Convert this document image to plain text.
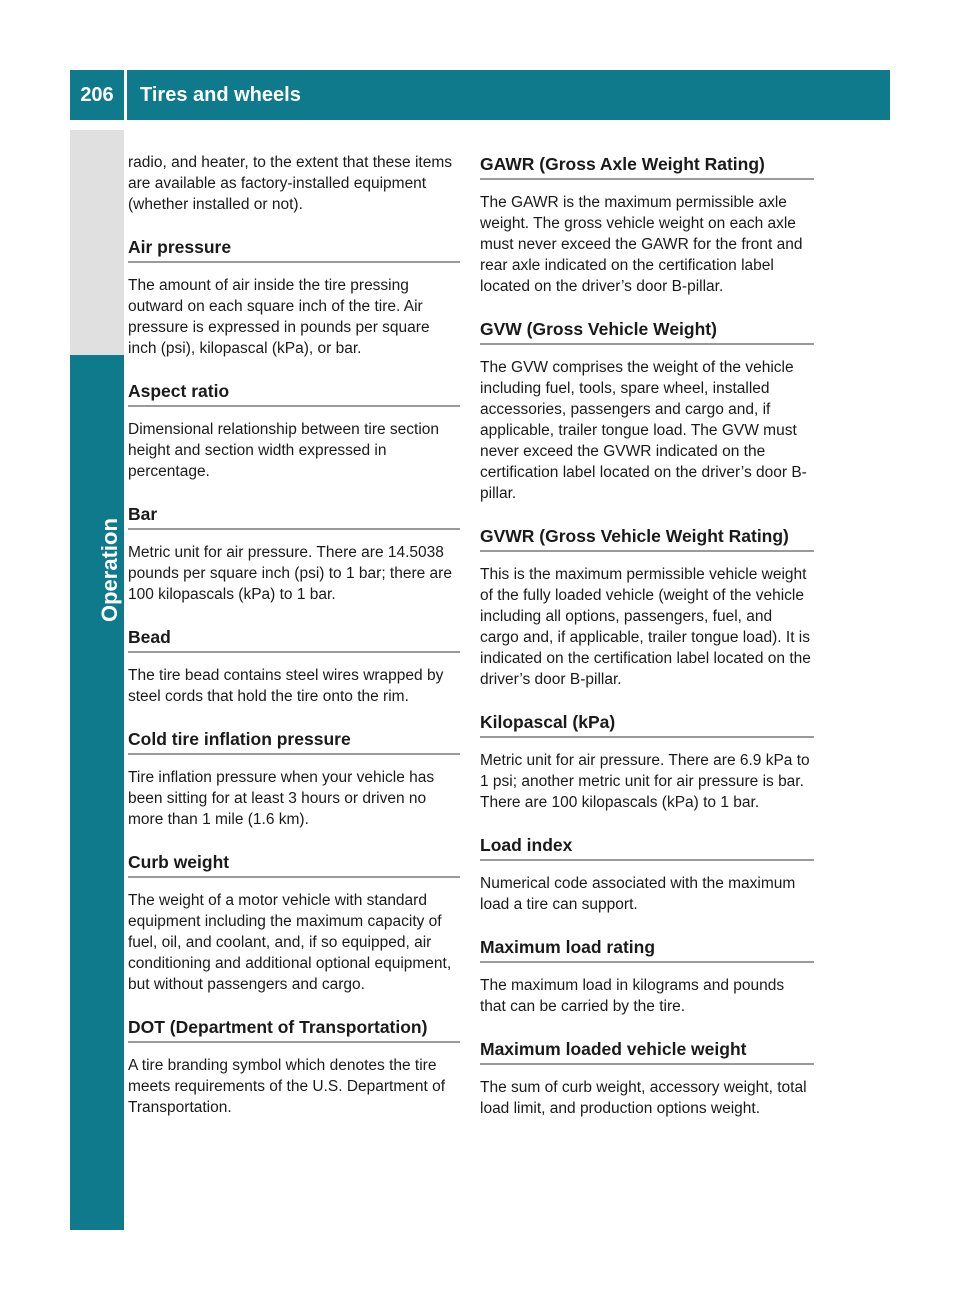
206	Tires and wheels
Operation

radio, and heater, to the extent that these items are available as factory-installed equipment (whether installed or not).

Air pressure

The amount of air inside the tire pressing outward on each square inch of the tire. Air pressure is expressed in pounds per square inch (psi), kilopascal (kPa), or bar.

Aspect ratio

Dimensional relationship between tire section height and section width expressed in percentage.

Bar

Metric unit for air pressure. There are 14.5038 pounds per square inch (psi) to 1 bar; there are 100 kilopascals (kPa) to 1 bar.

Bead

The tire bead contains steel wires wrapped by steel cords that hold the tire onto the rim.

Cold tire inflation pressure

Tire inflation pressure when your vehicle has been sitting for at least 3 hours or driven no more than 1 mile (1.6 km).

Curb weight

The weight of a motor vehicle with standard equipment including the maximum capacity of fuel, oil, and coolant, and, if so equipped, air conditioning and additional optional equipment, but without passengers and cargo.

DOT (Department of Transportation)

A tire branding symbol which denotes the tire meets requirements of the U.S. Department of Transportation.

GAWR (Gross Axle Weight Rating)

The GAWR is the maximum permissible axle weight. The gross vehicle weight on each axle must never exceed the GAWR for the front and rear axle indicated on the certification label located on the driver’s door B-pillar.

GVW (Gross Vehicle Weight)

The GVW comprises the weight of the vehicle including fuel, tools, spare wheel, installed accessories, passengers and cargo and, if applicable, trailer tongue load. The GVW must never exceed the GVWR indicated on the certification label located on the driver’s door B-pillar.

GVWR (Gross Vehicle Weight Rating)

This is the maximum permissible vehicle weight of the fully loaded vehicle (weight of the vehicle including all options, passengers, fuel, and cargo and, if applicable, trailer tongue load). It is indicated on the certification label located on the driver’s door B-pillar.

Kilopascal (kPa)

Metric unit for air pressure. There are 6.9 kPa to 1 psi; another metric unit for air pressure is bar. There are 100 kilopascals (kPa) to 1 bar.

Load index

Numerical code associated with the maximum load a tire can support.

Maximum load rating

The maximum load in kilograms and pounds that can be carried by the tire.

Maximum loaded vehicle weight

The sum of curb weight, accessory weight, total load limit, and production options weight.
